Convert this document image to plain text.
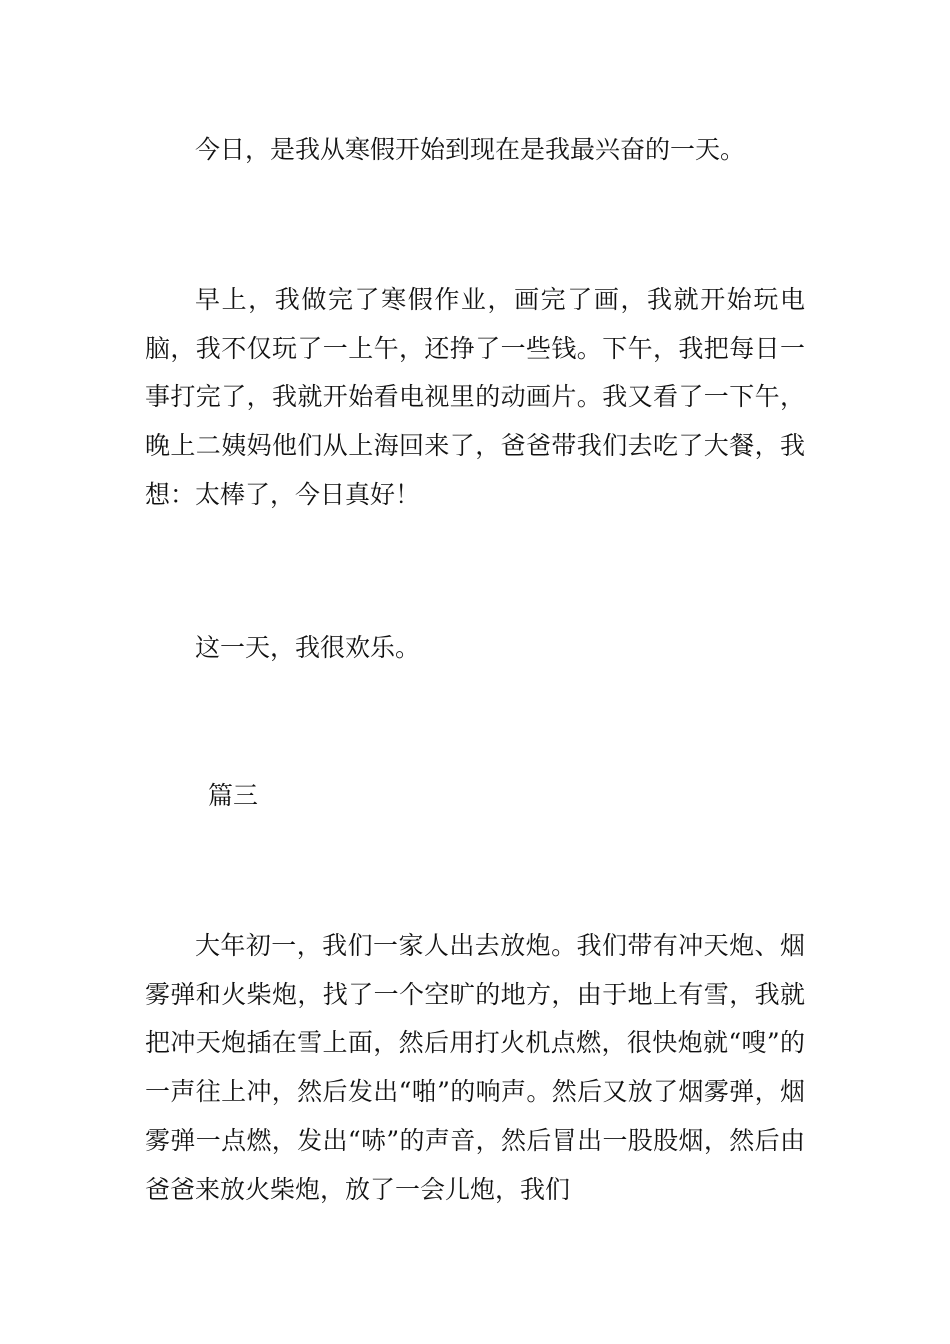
今日，是我从寒假开始到现在是我最兴奋的一天。

早上，我做完了寒假作业，画完了画，我就开始玩电脑，我不仅玩了一上午，还挣了一些钱。下午，我把每日一事打完了，我就开始看电视里的动画片。我又看了一下午，晚上二姨妈他们从上海回来了，爸爸带我们去吃了大餐，我想：太棒了，今日真好！

这一天，我很欢乐。

篇三

大年初一，我们一家人出去放炮。我们带有冲天炮、烟雾弹和火柴炮，找了一个空旷的地方，由于地上有雪，我就把冲天炮插在雪上面，然后用打火机点燃，很快炮就“嗖”的一声往上冲，然后发出“啪”的响声。然后又放了烟雾弹，烟雾弹一点燃，发出“哧”的声音，然后冒出一股股烟，然后由爸爸来放火柴炮，放了一会儿炮，我们
